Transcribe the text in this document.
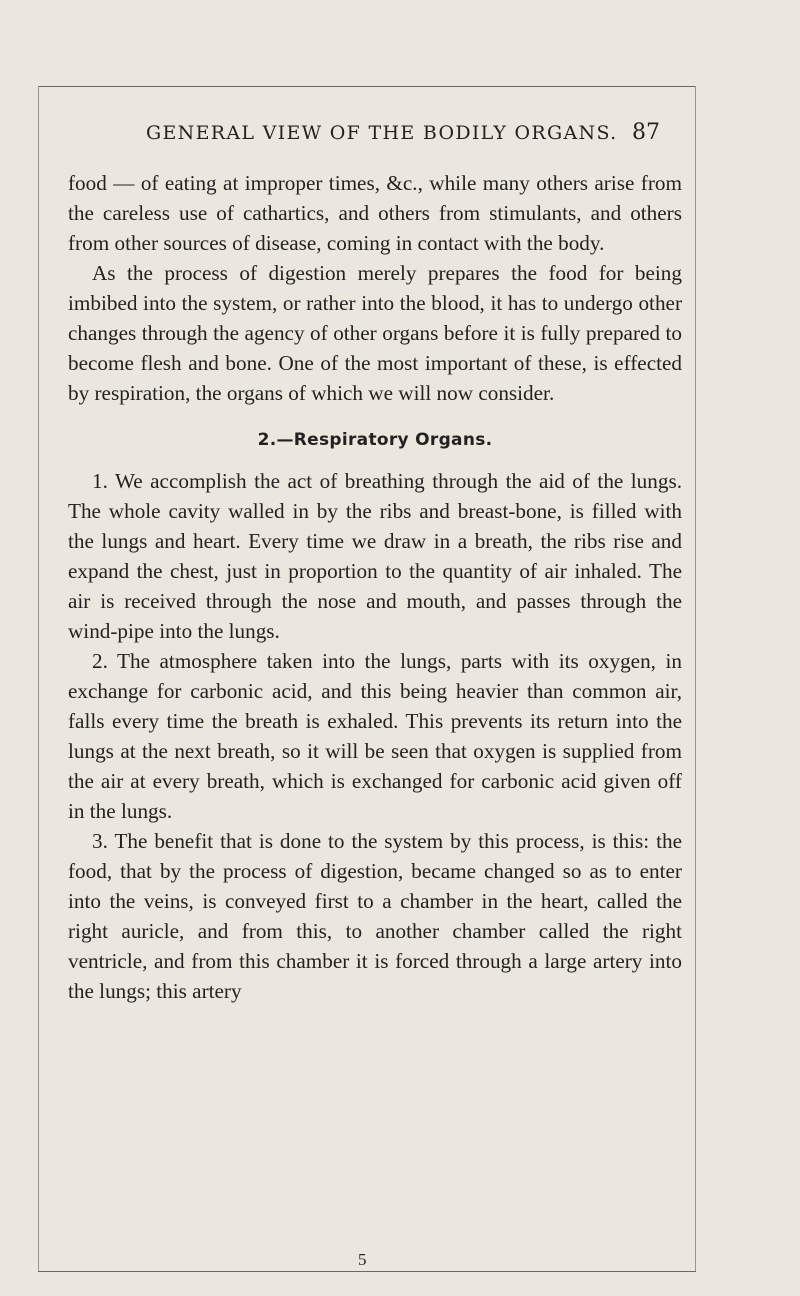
GENERAL VIEW OF THE BODILY ORGANS. 87

food — of eating at improper times, &c., while many others arise from the careless use of cathartics, and others from stimulants, and others from other sources of disease, coming in contact with the body.

As the process of digestion merely prepares the food for being imbibed into the system, or rather into the blood, it has to undergo other changes through the agency of other organs before it is fully prepared to become flesh and bone. One of the most important of these, is effected by respiration, the organs of which we will now consider.

2.—Respiratory Organs.

1. We accomplish the act of breathing through the aid of the lungs. The whole cavity walled in by the ribs and breast-bone, is filled with the lungs and heart. Every time we draw in a breath, the ribs rise and expand the chest, just in proportion to the quantity of air inhaled. The air is received through the nose and mouth, and passes through the wind-pipe into the lungs.

2. The atmosphere taken into the lungs, parts with its oxygen, in exchange for carbonic acid, and this being heavier than common air, falls every time the breath is exhaled. This prevents its return into the lungs at the next breath, so it will be seen that oxygen is supplied from the air at every breath, which is exchanged for carbonic acid given off in the lungs.

3. The benefit that is done to the system by this process, is this: the food, that by the process of digestion, became changed so as to enter into the veins, is conveyed first to a chamber in the heart, called the right auricle, and from this, to another chamber called the right ventricle, and from this chamber it is forced through a large artery into the lungs; this artery

5
